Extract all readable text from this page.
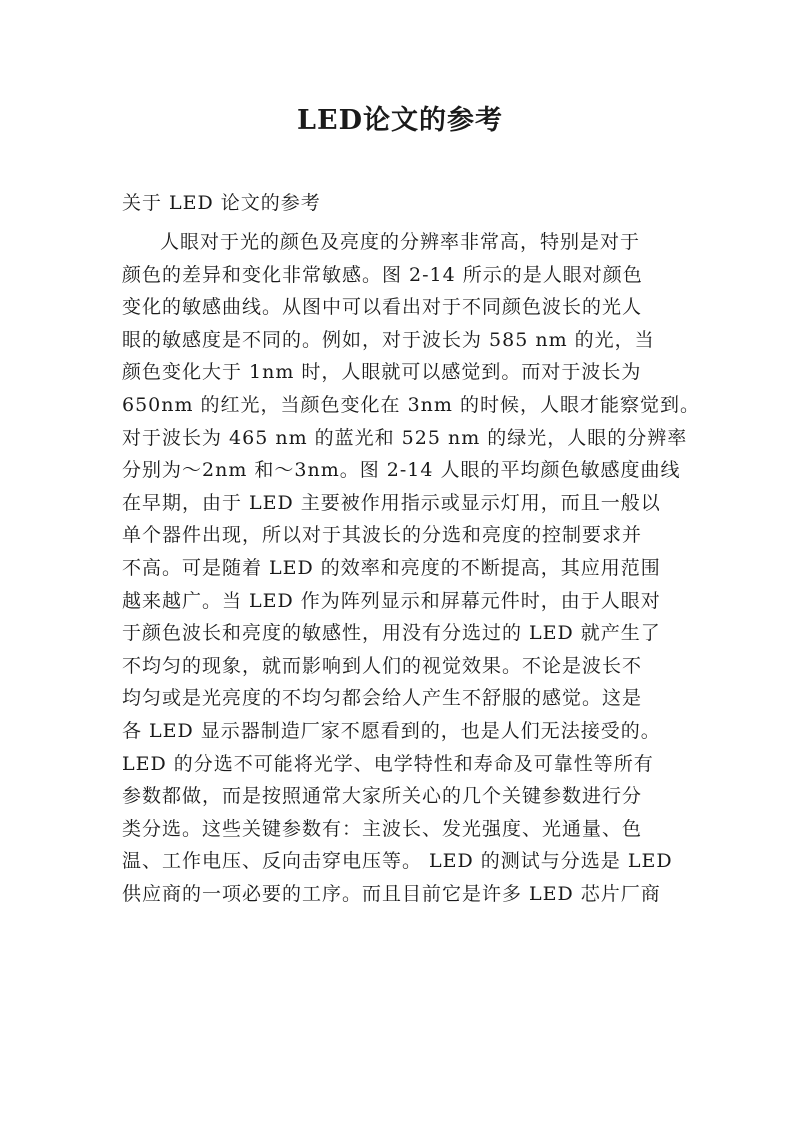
LED论文的参考

关于 LED 论文的参考

人眼对于光的颜色及亮度的分辨率非常高，特别是对于
颜色的差异和变化非常敏感。图 2-14 所示的是人眼对颜色
变化的敏感曲线。从图中可以看出对于不同颜色波长的光人
眼的敏感度是不同的。例如，对于波长为 585 nm 的光，当
颜色变化大于 1nm 时，人眼就可以感觉到。而对于波长为
650nm 的红光，当颜色变化在 3nm 的时候，人眼才能察觉到。
对于波长为 465 nm 的蓝光和 525 nm 的绿光，人眼的分辨率
分别为～2nm 和～3nm。图 2-14 人眼的平均颜色敏感度曲线
在早期，由于 LED 主要被作用指示或显示灯用，而且一般以
单个器件出现，所以对于其波长的分选和亮度的控制要求并
不高。可是随着 LED 的效率和亮度的不断提高，其应用范围
越来越广。当 LED 作为阵列显示和屏幕元件时，由于人眼对
于颜色波长和亮度的敏感性，用没有分选过的 LED 就产生了
不均匀的现象，就而影响到人们的视觉效果。不论是波长不
均匀或是光亮度的不均匀都会给人产生不舒服的感觉。这是
各 LED 显示器制造厂家不愿看到的，也是人们无法接受的。
LED 的分选不可能将光学、电学特性和寿命及可靠性等所有
参数都做，而是按照通常大家所关心的几个关键参数进行分
类分选。这些关键参数有：主波长、发光强度、光通量、色
温、工作电压、反向击穿电压等。 LED 的测试与分选是 LED
供应商的一项必要的工序。而且目前它是许多 LED 芯片厂商
